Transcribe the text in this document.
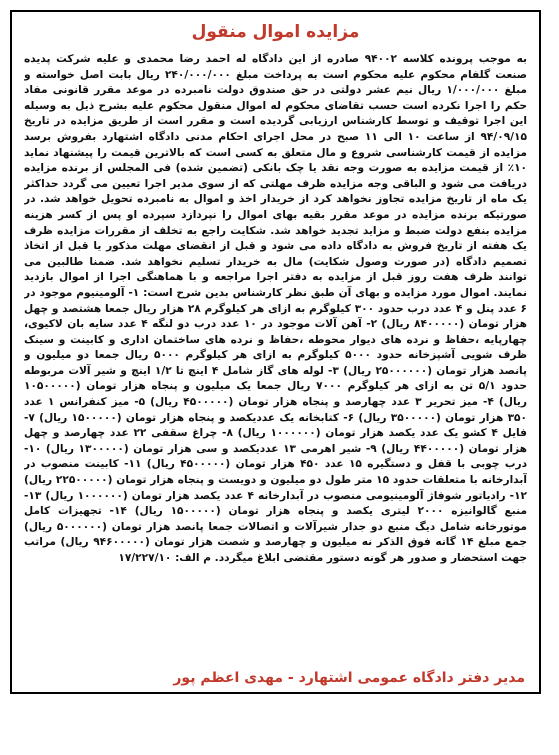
مزایده اموال منقول

به موجب پرونده کلاسه ۹۴۰۰۲ صادره از این دادگاه له احمد رضا محمدی و علیه شرکت پدیده صنعت گلفام محکوم علیه محکوم است به پرداخت مبلغ ۲۴۰/۰۰۰/۰۰۰ ریال بابت اصل خواسته و مبلغ ۱/۰۰۰/۰۰۰ ریال نیم عشر دولتی در حق صندوق دولت نامبرده در موعد مقرر قانونی مفاد حکم را اجرا نکرده است حسب تقاضای محکوم له اموال منقول محکوم علیه بشرح ذیل به وسیله این اجرا توقیف و توسط کارشناس ارزیابی گردیده است و مقرر است از طریق مزایده در تاریخ ۹۴/۰۹/۱۵ از ساعت ۱۰ الی ۱۱ صبح در محل اجرای احکام مدنی دادگاه اشتهارد بفروش برسد مزایده از قیمت کارشناسی شروع و مال متعلق به کسی است که بالاترین قیمت را پیشنهاد نماید ۱۰٪ از قیمت مزایده به صورت وجه نقد یا چک بانکی (تضمین شده) فی المجلس از برنده مزایده دریافت می شود و الباقی وجه مزایده ظرف مهلتی که از سوی مدیر اجرا تعیین می گردد حداکثر یک ماه از تاریخ مزایده تجاوز نخواهد کرد از خریدار اخذ و اموال به نامبرده تحویل خواهد شد. در صورتیکه برنده مزایده در موعد مقرر بقیه بهای اموال را نپردازد سپرده او پس از کسر هزینه مزایده بنفع دولت ضبط و مزاید تجدید خواهد شد. شکایت راجع به تخلف از مقررات مزایده ظرف یک هفته از تاریخ فروش به دادگاه داده می شود و قبل از انقضای مهلت مذکور یا قبل از اتخاذ تصمیم دادگاه (در صورت وصول شکایت) مال به خریدار تسلیم نخواهد شد. ضمنا طالبین می توانند ظرف هفت روز قبل از مزایده به دفتر اجرا مراجعه و با هماهنگی اجرا از اموال بازدید نمایند. اموال مورد مزایده و بهای آن طبق نظر کارشناس بدین شرح است: ۱- آلومینیوم موجود در ۶ عدد پنل و ۴ عدد درب حدود ۳۰۰ کیلوگرم به ازای هر کیلوگرم ۲۸ هزار ریال جمعا هشتصد و چهل هزار تومان (۸۴۰۰۰۰۰ ریال) ۲- آهن آلات موجود در ۱۰ عدد درب دو لنگه ۴ عدد سایه بان لاکیوی، چهارپایه ،حفاظ و نرده های دیوار محوطه ،حفاظ و نرده های ساختمان اداری و کابینت و سینک ظرف شویی آشپزخانه حدود ۵۰۰۰ کیلوگرم به ازای هر کیلوگرم ۵۰۰۰ ریال جمعا دو میلیون و پانصد هزار تومان (۲۵۰۰۰۰۰۰ ریال) ۳- لوله های گاز شامل ۴ اینچ تا ۱/۲ اینچ و شیر آلات مربوطه حدود ۵/۱ تن به ازای هر کیلوگرم ۷۰۰۰ ریال جمعا یک میلیون و پنجاه هزار تومان (۱۰۵۰۰۰۰۰ ریال) ۴- میز تحریر ۳ عدد چهارصد و پنجاه هزار تومان (۴۵۰۰۰۰۰ ریال) ۵- میز کنفرانس ۱ عدد ۳۵۰ هزار تومان (۳۵۰۰۰۰۰ ریال) ۶- کتابخانه یک عددیکصد و پنجاه هزار تومان (۱۵۰۰۰۰۰ ریال) ۷- فایل ۴ کشو یک عدد یکصد هزار تومان (۱۰۰۰۰۰۰ ریال) ۸- چراغ سقفی ۲۲ عدد چهارصد و چهل هزار تومان (۴۴۰۰۰۰۰ ریال) ۹- شیر اهرمی ۱۳ عددیکصد و سی هزار تومان (۱۳۰۰۰۰۰ ریال) ۱۰- درب چوبی با قفل و دستگیره ۱۵ عدد ۴۵۰ هزار تومان (۴۵۰۰۰۰۰ ریال) ۱۱- کابینت منصوب در آبدارخانه با متعلقات حدود ۱۵ متر طول دو میلیون و دویست و پنجاه هزار تومان (۲۲۵۰۰۰۰۰ ریال) ۱۲- رادیاتور شوفاژ آلومینیومی منصوب در آبدارخانه ۴ عدد یکصد هزار تومان (۱۰۰۰۰۰۰ ریال) ۱۳- منبع گالوانیزه ۲۰۰۰ لیتری یکصد و پنجاه هزار تومان (۱۵۰۰۰۰۰ ریال) ۱۴- تجهیزات کامل موتورخانه شامل دیگ منبع دو جدار شیرآلات و اتصالات جمعا پانصد هزار تومان (۵۰۰۰۰۰۰ ریال) جمع مبلغ ۱۴ گانه فوق الذکر نه میلیون و چهارصد و شصت هزار تومان (۹۴۶۰۰۰۰۰ ریال) مراتب جهت استحضار و صدور هر گونه دستور مقتضی ابلاغ میگردد. م الف: ۱۷/۲۲۷/۱۰

مدیر دفتر دادگاه عمومی اشتهارد - مهدی اعظم پور
